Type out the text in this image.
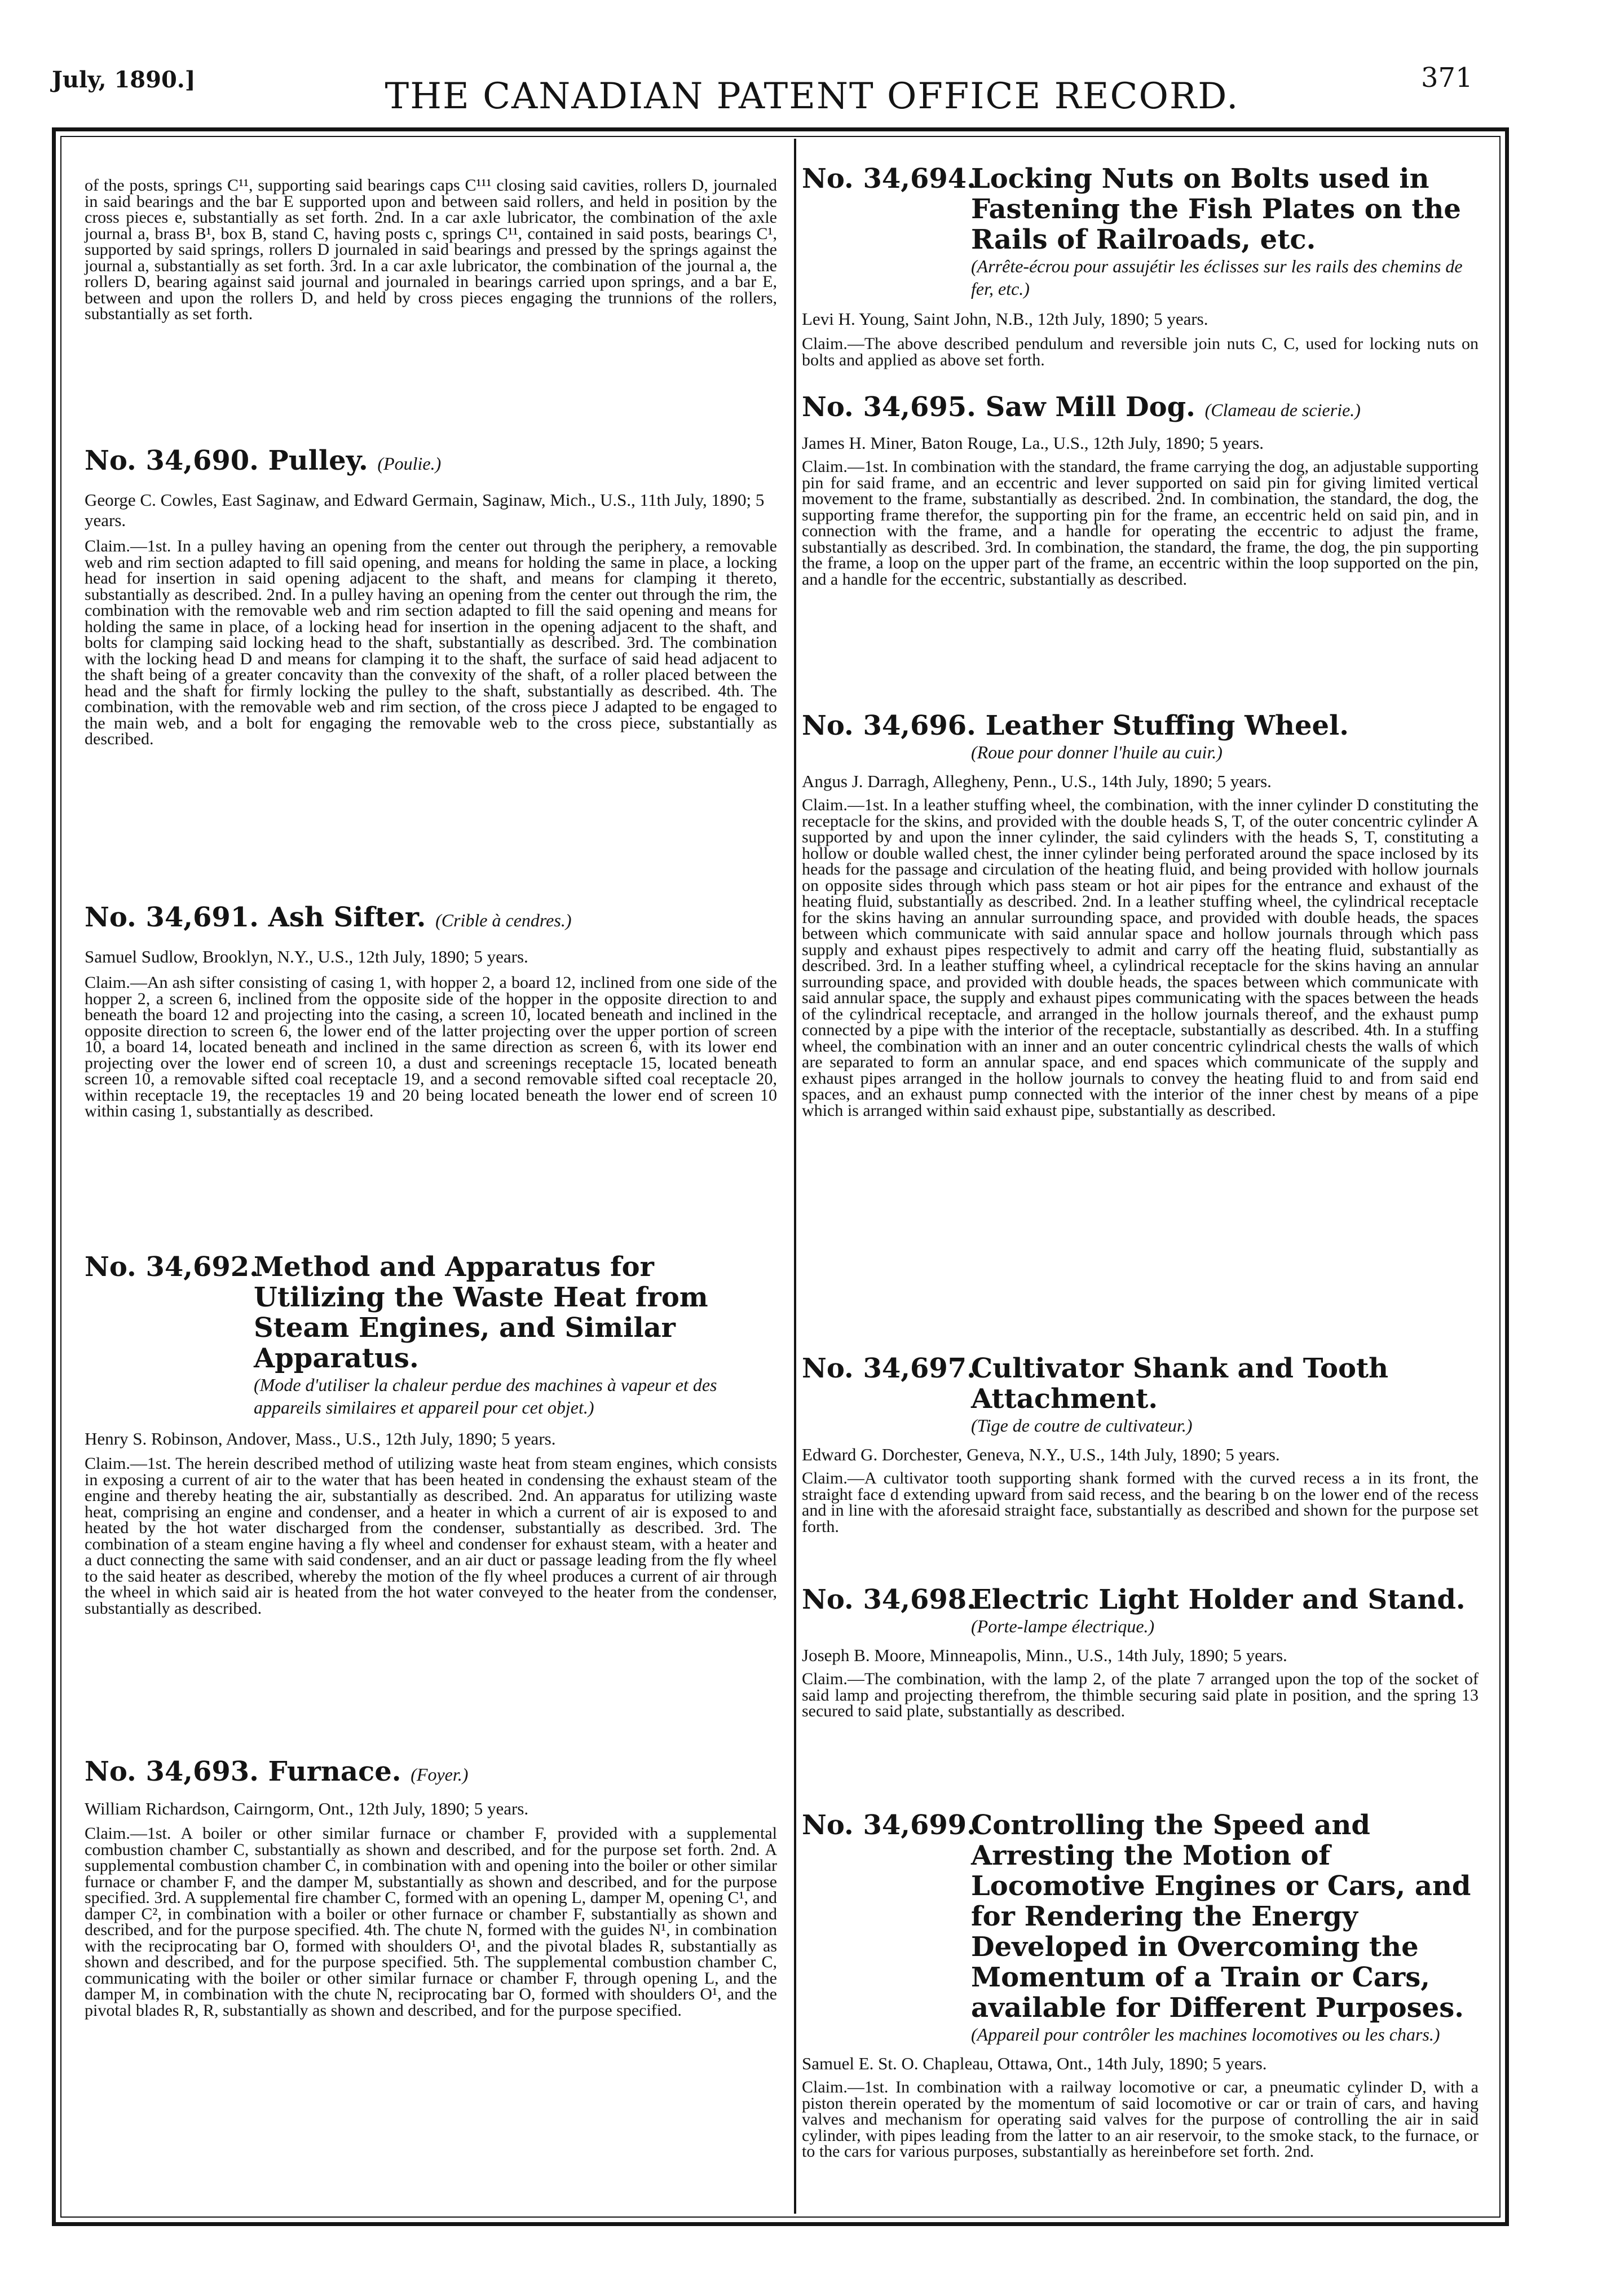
July, 1890.]	THE CANADIAN PATENT OFFICE RECORD.	371

of the posts, springs C¹¹, supporting said bearings caps C¹¹¹ closing said cavities, rollers D, journaled in said bearings and the bar E supported upon and between said rollers, and held in position by the cross pieces e, substantially as set forth. 2nd. In a car axle lubricator, the combination of the axle journal a, brass B¹, box B, stand C, having posts c, springs C¹¹, contained in said posts, bearings C¹, supported by said springs, rollers D journaled in said bearings and pressed by the springs against the journal a, substantially as set forth. 3rd. In a car axle lubricator, the combination of the journal a, the rollers D, bearing against said journal and journaled in bearings carried upon springs, and a bar E, between and upon the rollers D, and held by cross pieces engaging the trunnions of the rollers, substantially as set forth.

No. 34,690. Pulley. (Poulie.)

George C. Cowles, East Saginaw, and Edward Germain, Saginaw, Mich., U.S., 11th July, 1890; 5 years.

Claim.—1st. In a pulley having an opening from the center out through the periphery, a removable web and rim section adapted to fill said opening, and means for holding the same in place, a locking head for insertion in said opening adjacent to the shaft, and means for clamping it thereto, substantially as described. 2nd. In a pulley having an opening from the center out through the rim, the combination with the removable web and rim section adapted to fill the said opening and means for holding the same in place, of a locking head for insertion in the opening adjacent to the shaft, and bolts for clamping said locking head to the shaft, substantially as described. 3rd. The combination with the locking head D and means for clamping it to the shaft, the surface of said head adjacent to the shaft being of a greater concavity than the convexity of the shaft, of a roller placed between the head and the shaft for firmly locking the pulley to the shaft, substantially as described. 4th. The combination, with the removable web and rim section, of the cross piece J adapted to be engaged to the main web, and a bolt for engaging the removable web to the cross piece, substantially as described.

No. 34,691. Ash Sifter. (Crible à cendres.)

Samuel Sudlow, Brooklyn, N.Y., U.S., 12th July, 1890; 5 years.

Claim.—An ash sifter consisting of casing 1, with hopper 2, a board 12, inclined from one side of the hopper 2, a screen 6, inclined from the opposite side of the hopper in the opposite direction to and beneath the board 12 and projecting into the casing, a screen 10, located beneath and inclined in the opposite direction to screen 6, the lower end of the latter projecting over the upper portion of screen 10, a board 14, located beneath and inclined in the same direction as screen 6, with its lower end projecting over the lower end of screen 10, a dust and screenings receptacle 15, located beneath screen 10, a removable sifted coal receptacle 19, and a second removable sifted coal receptacle 20, within receptacle 19, the receptacles 19 and 20 being located beneath the lower end of screen 10 within casing 1, substantially as described.

No. 34,692.
Method and Apparatus for Utilizing the Waste Heat from Steam Engines, and Similar Apparatus.

(Mode d'utiliser la chaleur perdue des machines à vapeur et des appareils similaires et appareil pour cet objet.)

Henry S. Robinson, Andover, Mass., U.S., 12th July, 1890; 5 years.

Claim.—1st. The herein described method of utilizing waste heat from steam engines, which consists in exposing a current of air to the water that has been heated in condensing the exhaust steam of the engine and thereby heating the air, substantially as described. 2nd. An apparatus for utilizing waste heat, comprising an engine and condenser, and a heater in which a current of air is exposed to and heated by the hot water discharged from the condenser, substantially as described. 3rd. The combination of a steam engine having a fly wheel and condenser for exhaust steam, with a heater and a duct connecting the same with said condenser, and an air duct or passage leading from the fly wheel to the said heater as described, whereby the motion of the fly wheel produces a current of air through the wheel in which said air is heated from the hot water conveyed to the heater from the condenser, substantially as described.

No. 34,693. Furnace. (Foyer.)

William Richardson, Cairngorm, Ont., 12th July, 1890; 5 years.

Claim.—1st. A boiler or other similar furnace or chamber F, provided with a supplemental combustion chamber C, substantially as shown and described, and for the purpose set forth. 2nd. A supplemental combustion chamber C, in combination with and opening into the boiler or other similar furnace or chamber F, and the damper M, substantially as shown and described, and for the purpose specified. 3rd. A supplemental fire chamber C, formed with an opening L, damper M, opening C¹, and damper C², in combination with a boiler or other furnace or chamber F, substantially as shown and described, and for the purpose specified. 4th. The chute N, formed with the guides N¹, in combination with the reciprocating bar O, formed with shoulders O¹, and the pivotal blades R, substantially as shown and described, and for the purpose specified. 5th. The supplemental combustion chamber C, communicating with the boiler or other similar furnace or chamber F, through opening L, and the damper M, in combination with the chute N, reciprocating bar O, formed with shoulders O¹, and the pivotal blades R, R, substantially as shown and described, and for the purpose specified.

No. 34,694.
Locking Nuts on Bolts used in Fastening the Fish Plates on the Rails of Railroads, etc.

(Arrête-écrou pour assujétir les éclisses sur les rails des chemins de fer, etc.)

Levi H. Young, Saint John, N.B., 12th July, 1890; 5 years.

Claim.—The above described pendulum and reversible join nuts C, C, used for locking nuts on bolts and applied as above set forth.

No. 34,695. Saw Mill Dog. (Clameau de scierie.)

James H. Miner, Baton Rouge, La., U.S., 12th July, 1890; 5 years.

Claim.—1st. In combination with the standard, the frame carrying the dog, an adjustable supporting pin for said frame, and an eccentric and lever supported on said pin for giving limited vertical movement to the frame, substantially as described. 2nd. In combination, the standard, the dog, the supporting frame therefor, the supporting pin for the frame, an eccentric held on said pin, and in connection with the frame, and a handle for operating the eccentric to adjust the frame, substantially as described. 3rd. In combination, the standard, the frame, the dog, the pin supporting the frame, a loop on the upper part of the frame, an eccentric within the loop supported on the pin, and a handle for the eccentric, substantially as described.

No. 34,696. Leather Stuffing Wheel.

(Roue pour donner l'huile au cuir.)

Angus J. Darragh, Allegheny, Penn., U.S., 14th July, 1890; 5 years.

Claim.—1st. In a leather stuffing wheel, the combination, with the inner cylinder D constituting the receptacle for the skins, and provided with the double heads S, T, of the outer concentric cylinder A supported by and upon the inner cylinder, the said cylinders with the heads S, T, constituting a hollow or double walled chest, the inner cylinder being perforated around the space inclosed by its heads for the passage and circulation of the heating fluid, and being provided with hollow journals on opposite sides through which pass steam or hot air pipes for the entrance and exhaust of the heating fluid, substantially as described. 2nd. In a leather stuffing wheel, the cylindrical receptacle for the skins having an annular surrounding space, and provided with double heads, the spaces between which communicate with said annular space and hollow journals through which pass supply and exhaust pipes respectively to admit and carry off the heating fluid, substantially as described. 3rd. In a leather stuffing wheel, a cylindrical receptacle for the skins having an annular surrounding space, and provided with double heads, the spaces between which communicate with said annular space, the supply and exhaust pipes communicating with the spaces between the heads of the cylindrical receptacle, and arranged in the hollow journals thereof, and the exhaust pump connected by a pipe with the interior of the receptacle, substantially as described. 4th. In a stuffing wheel, the combination with an inner and an outer concentric cylindrical chests the walls of which are separated to form an annular space, and end spaces which communicate of the supply and exhaust pipes arranged in the hollow journals to convey the heating fluid to and from said end spaces, and an exhaust pump connected with the interior of the inner chest by means of a pipe which is arranged within said exhaust pipe, substantially as described.

No. 34,697.
Cultivator Shank and Tooth Attachment.

(Tige de coutre de cultivateur.)

Edward G. Dorchester, Geneva, N.Y., U.S., 14th July, 1890; 5 years.

Claim.—A cultivator tooth supporting shank formed with the curved recess a in its front, the straight face d extending upward from said recess, and the bearing b on the lower end of the recess and in line with the aforesaid straight face, substantially as described and shown for the purpose set forth.

No. 34,698.
Electric Light Holder and Stand.

(Porte-lampe électrique.)

Joseph B. Moore, Minneapolis, Minn., U.S., 14th July, 1890; 5 years.

Claim.—The combination, with the lamp 2, of the plate 7 arranged upon the top of the socket of said lamp and projecting therefrom, the thimble securing said plate in position, and the spring 13 secured to said plate, substantially as described.

No. 34,699.
Controlling the Speed and Arresting the Motion of Locomotive Engines or Cars, and for Rendering the Energy Developed in Overcoming the Momentum of a Train or Cars, available for Different Purposes.

(Appareil pour contrôler les machines locomotives ou les chars.)

Samuel E. St. O. Chapleau, Ottawa, Ont., 14th July, 1890; 5 years.

Claim.—1st. In combination with a railway locomotive or car, a pneumatic cylinder D, with a piston therein operated by the momentum of said locomotive or car or train of cars, and having valves and mechanism for operating said valves for the purpose of controlling the air in said cylinder, with pipes leading from the latter to an air reservoir, to the smoke stack, to the furnace, or to the cars for various purposes, substantially as hereinbefore set forth. 2nd.
